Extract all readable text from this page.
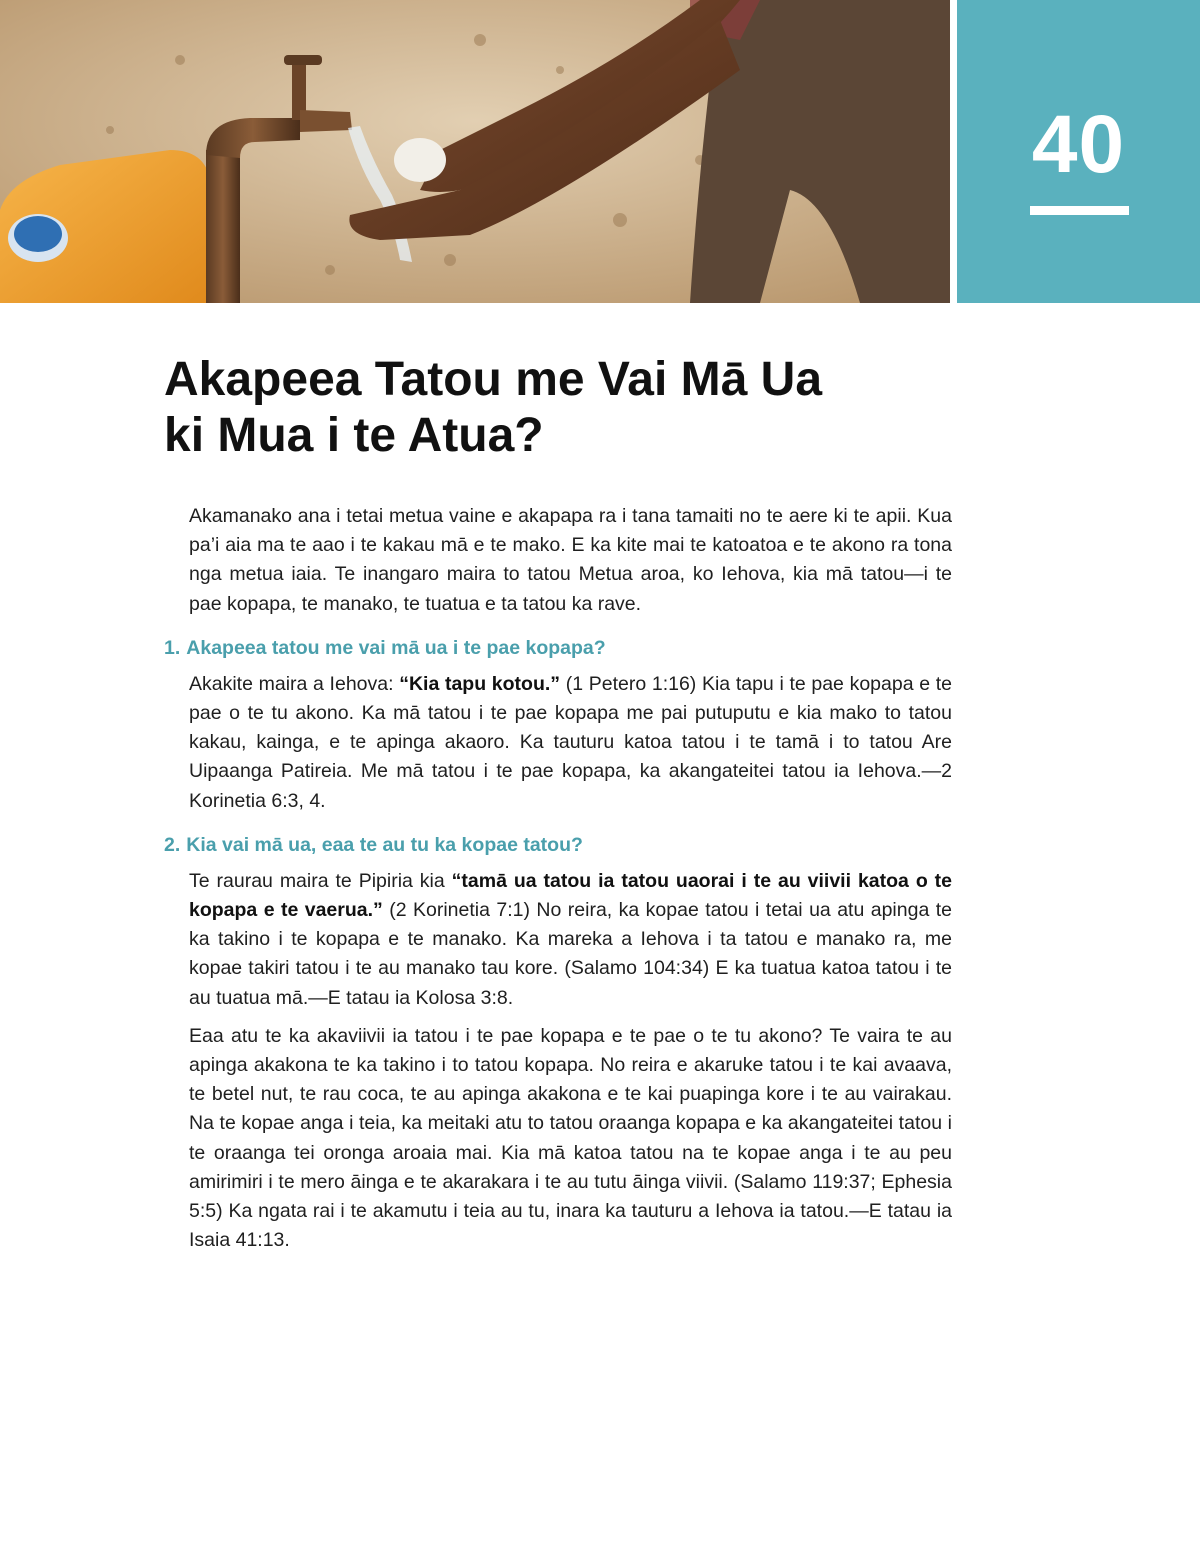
40
Akapeea Tatou me Vai Mā Ua
ki Mua i te Atua?

Akamanako ana i tetai metua vaine e akapapa ra i tana tamaiti no te aere ki te apii. Kua pa’i aia ma te aao i te kakau mā e te mako. E ka kite mai te katoatoa e te akono ra tona nga metua iaia. Te inangaro maira to tatou Metua aroa, ko Iehova, kia mā tatou—i te pae kopapa, te manako, te tuatua e ta tatou ka rave.

1. Akapeea tatou me vai mā ua i te pae kopapa?

Akakite maira a Iehova: “Kia tapu kotou.” (1 Petero 1:16) Kia tapu i te pae kopapa e te pae o te tu akono. Ka mā tatou i te pae kopapa me pai putuputu e kia mako to tatou kakau, kainga, e te apinga akaoro. Ka tauturu katoa tatou i te tamā i to tatou Are Uipaanga Patireia. Me mā tatou i te pae kopapa, ka akangateitei tatou ia Iehova.—2 Korinetia 6:3, 4.

2. Kia vai mā ua, eaa te au tu ka kopae tatou?

Te raurau maira te Pipiria kia “tamā ua tatou ia tatou uaorai i te au viivii katoa o te kopapa e te vaerua.” (2 Korinetia 7:1) No reira, ka kopae tatou i tetai ua atu apinga te ka takino i te kopapa e te manako. Ka mareka a Iehova i ta tatou e manako ra, me kopae takiri tatou i te au manako tau kore. (Salamo 104:34) E ka tuatua katoa tatou i te au tuatua mā.—E tatau ia Kolosa 3:8.

Eaa atu te ka akaviivii ia tatou i te pae kopapa e te pae o te tu akono? Te vaira te au apinga akakona te ka takino i to tatou kopapa. No reira e akaruke tatou i te kai avaava, te betel nut, te rau coca, te au apinga akakona e te kai puapinga kore i te au vairakau. Na te kopae anga i teia, ka meitaki atu to tatou oraanga kopapa e ka akangateitei tatou i te oraanga tei oronga aroaia mai. Kia mā katoa tatou na te kopae anga i te au peu amirimiri i te mero āinga e te akarakara i te au tutu āinga viivii. (Salamo 119:37; Ephesia 5:5) Ka ngata rai i te akamutu i teia au tu, inara ka tauturu a Iehova ia tatou.—E tatau ia Isaia 41:13.
